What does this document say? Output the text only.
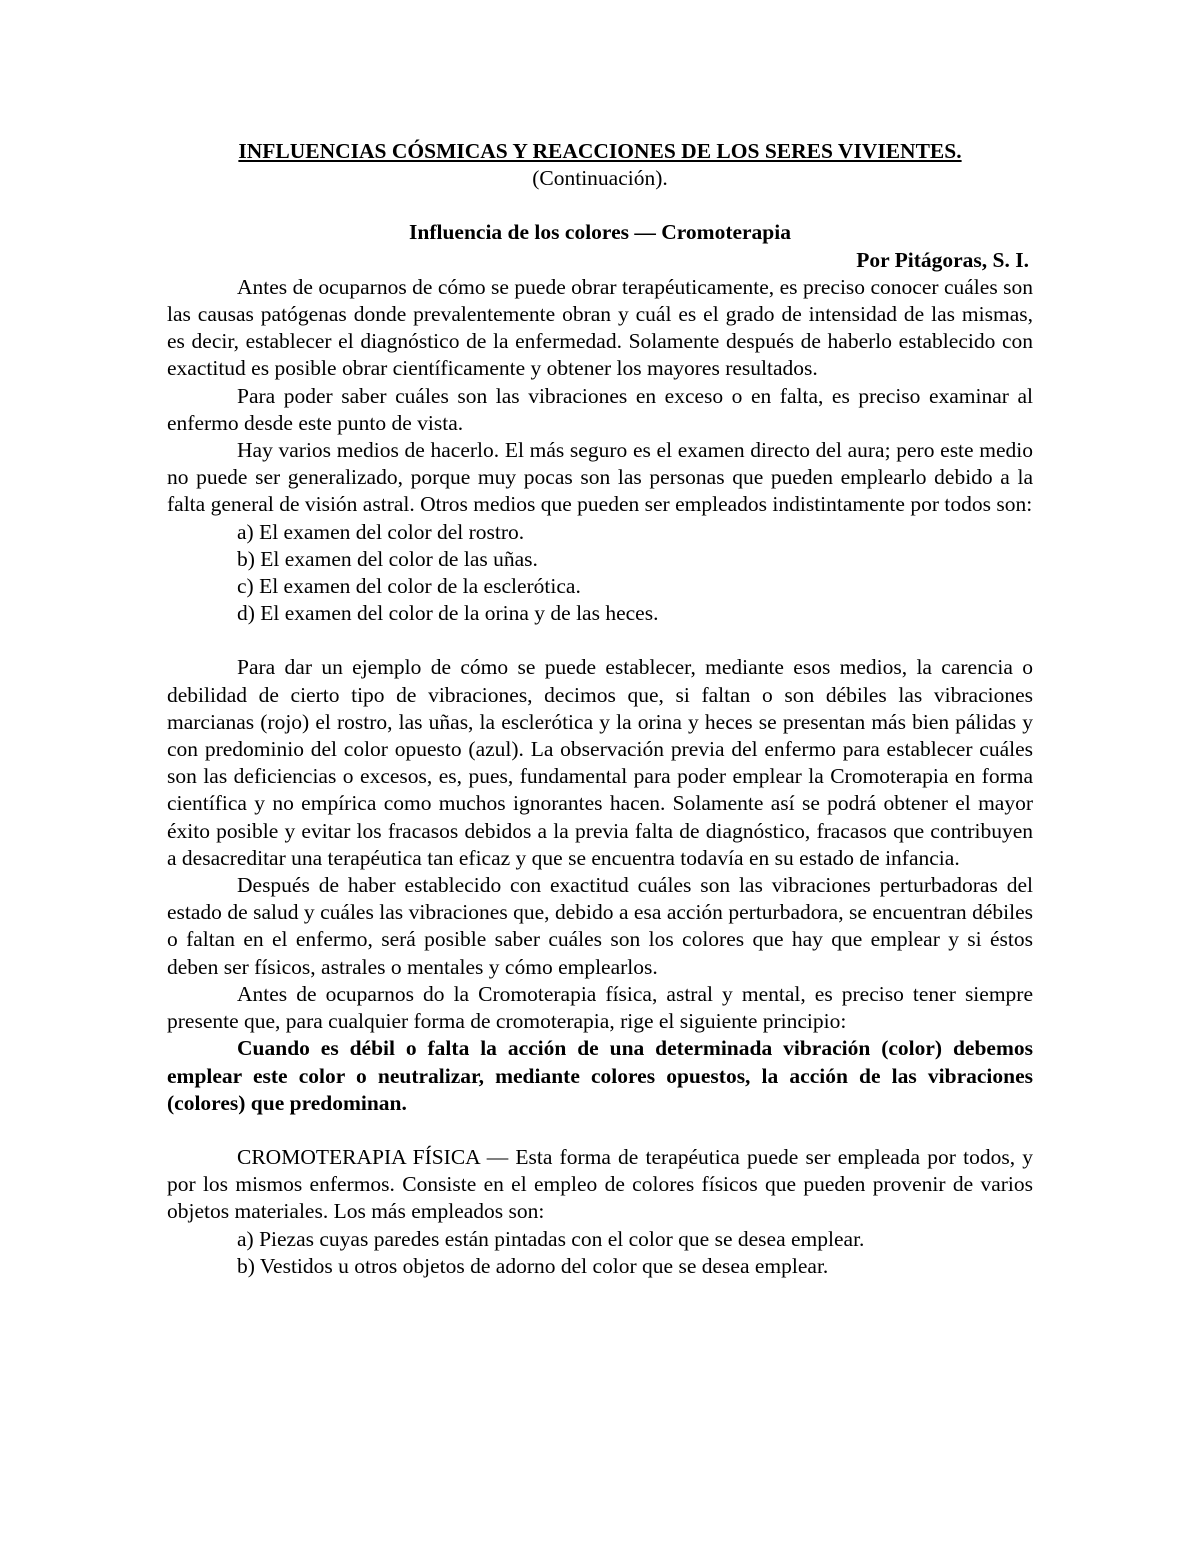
INFLUENCIAS CÓSMICAS Y REACCIONES DE LOS SERES VIVIENTES.
(Continuación).
Influencia de los colores — Cromoterapia
Por Pitágoras, S. I.

Antes de ocuparnos de cómo se puede obrar terapéuticamente, es preciso conocer cuáles son las causas patógenas donde prevalentemente obran y cuál es el grado de intensidad de las mismas, es decir, establecer el diagnóstico de la enfermedad. Solamente después de haberlo establecido con exactitud es posible obrar científicamente y obtener los mayores resultados.

Para poder saber cuáles son las vibraciones en exceso o en falta, es preciso examinar al enfermo desde este punto de vista.

Hay varios medios de hacerlo. El más seguro es el examen directo del aura; pero este medio no puede ser generalizado, porque muy pocas son las personas que pueden emplearlo debido a la falta general de visión astral. Otros medios que pueden ser empleados indistintamente por todos son:

a) El examen del color del rostro.
b) El examen del color de las uñas.
c) El examen del color de la esclerótica.
d) El examen del color de la orina y de las heces.

Para dar un ejemplo de cómo se puede establecer, mediante esos medios, la carencia o debilidad de cierto tipo de vibraciones, decimos que, si faltan o son débiles las vibraciones marcianas (rojo) el rostro, las uñas, la esclerótica y la orina y heces se presentan más bien pálidas y con predominio del color opuesto (azul). La observación previa del enfermo para establecer cuáles son las deficiencias o excesos, es, pues, fundamental para poder emplear la Cromoterapia en forma científica y no empírica como muchos ignorantes hacen. Solamente así se podrá obtener el mayor éxito posible y evitar los fracasos debidos a la previa falta de diagnóstico, fracasos que contribuyen a desacreditar una terapéutica tan eficaz y que se encuentra todavía en su estado de infancia.

Después de haber establecido con exactitud cuáles son las vibraciones perturbadoras del estado de salud y cuáles las vibraciones que, debido a esa acción perturbadora, se encuentran débiles o faltan en el enfermo, será posible saber cuáles son los colores que hay que emplear y si éstos deben ser físicos, astrales o mentales y cómo emplearlos.

Antes de ocuparnos do la Cromoterapia física, astral y mental, es preciso tener siempre presente que, para cualquier forma de cromoterapia, rige el siguiente principio:

Cuando es débil o falta la acción de una determinada vibración (color) debemos emplear este color o neutralizar, mediante colores opuestos, la acción de las vibraciones (colores) que predominan.

CROMOTERAPIA FÍSICA — Esta forma de terapéutica puede ser empleada por todos, y por los mismos enfermos. Consiste en el empleo de colores físicos que pueden provenir de varios objetos materiales. Los más empleados son:

a) Piezas cuyas paredes están pintadas con el color que se desea emplear.
b) Vestidos u otros objetos de adorno del color que se desea emplear.
